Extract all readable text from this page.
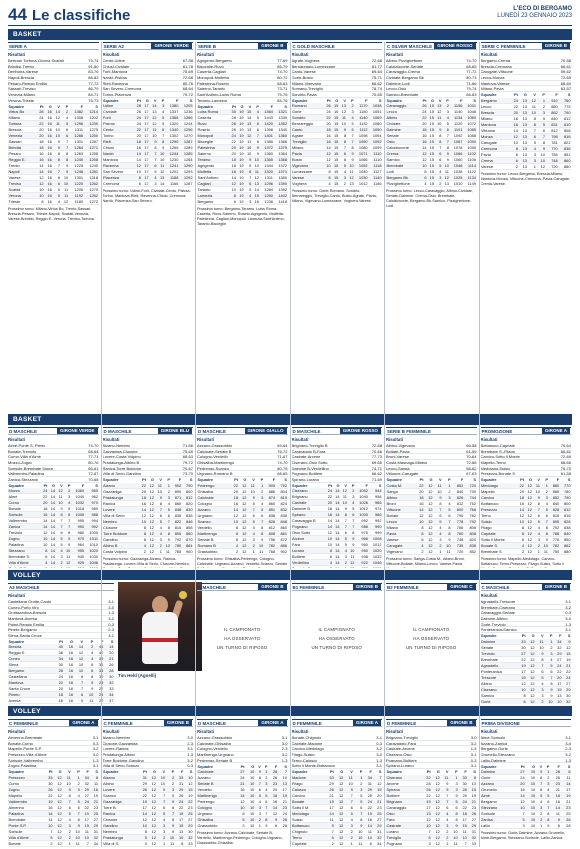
44 Le classifiche	L'ECO DI BERGAMO
LUNEDÌ 23 GENNAIO 2023
BASKET
BASKET
VOLLEY
VOLLEY
Tim Held (Agnelli)
SERIE A
Risultati
Bertram Tortona-Givova Scafati	79-74
Brindisi-Trento	91-80
Derthona-Varese	83-76
Napoli-Brescia	88-83
Pesaro-Reggio Emilia	77-72
Sassari-Treviso	86-79
Venezia-Milano	84-71
Verona-Trieste	76-73
Squadre	Pt	G	V	P	F	S
Virtus Bo	28	16	14	2	1382	1214
Milano	24	16	12	4	1308	1202
Tortona	22	16	11	5	1296	1230
Brescia	20	16	10	6	1311	1275
Venezia	20	16	10	6	1286	1250
Sassari	18	16	9	7	1301	1287
Brindisi	18	16	9	7	1264	1271
Pesaro	16	16	8	8	1263	1255
Reggio E.	16	16	8	8	1240	1258
Trento	14	16	7	9	1225	1240
Napoli	14	16	7	9	1248	1281
Varese	12	16	6	10	1301	1318
Treviso	12	16	6	10	1220	1262
Scafati	10	16	5	11	1205	1270
Verona	10	16	5	11	1192	1262
Trieste	8	16	4	12	1180	1272
Prossimo turno: Milano-Virtus Bo, Trento-Sassari, Brescia-Pesaro, Trieste-Napoli, Scafati-Venezia, Varese-Brindisi, Reggio E.-Verona, Treviso-Tortona.
SERIE A2	GIRONE VERDE
Risultati
Cento-Udine	67-58
Chiusi-Cividale	81-78
Forlì-Mantova	75-69
Nardò-Pistoia	72-68
Rieti-Ravenna	80-76
San Severo-Cremona	68-64
Torino-Piacenza	79-72
Squadre	Pt	G	V	P	F	S
Udine	28	17	14	3	1380	1205
Cividale	26	17	13	4	1337	1236
Forlì	24	17	12	5	1366	1266
Pistoia	24	17	12	5	1320	1244
Cento	22	17	11	6	1340	1296
Torino	20	17	10	7	1302	1270
Rieti	18	17	9	8	1290	1287
Chiusi	16	17	8	9	1265	1289
Nardò	14	17	7	10	1244	1285
Mantova	14	17	7	10	1230	1264
Ravenna	12	17	6	11	1241	1290
San Severo	10	17	5	12	1202	1293
Piacenza	8	17	4	13	1188	1292
Cremona	6	17	3	14	1166	1287
Prossimo turno: Udine-Forlì, Cividale-Cento, Pistoia-Torino, Mantova-Rieti, Ravenna-Chiusi, Cremona-Nardò, Piacenza-San Severo.
SERIE B	GIRONE B
Risultati
Agrigento-Bergamo	77-69
Bisceglie-Ruvo	85-79
Caserta-Cagliari	74-70
Monopoli-Molfetta	80-72
Palestrina-Roseto	68-63
Salerno-Taranto	73-71
Sant'Antimo-Luiss Roma	79-75
Teramo-Lamezia	84-76
Squadre	Pt	G	V	P	F	S
Luiss Roma	30	19	15	4	1464	1321
Caserta	28	19	14	5	1443	1339
Ruvo	26	19	13	6	1420	1352
Roseto	26	19	13	6	1398	1340
Monopoli	24	19	12	7	1401	1360
Bisceglie	22	19	11	8	1385	1366
Palestrina	20	19	10	9	1372	1375
Salerno	20	19	10	9	1360	1364
Teramo	18	19	9	10	1355	1368
Agrigento	18	19	9	10	1344	1372
Molfetta	16	19	8	11	1320	1371
Sant'Antimo	14	19	7	12	1311	1380
Cagliari	12	19	6	13	1296	1390
Taranto	10	19	5	14	1284	1392
Lamezia	8	19	4	15	1260	1402
Bergamo	6	19	3	16	1238	1418
Prossimo turno: Bergamo-Teramo, Luiss Roma-Caserta, Ruvo-Salerno, Roseto-Agrigento, Molfetta-Palestrina, Cagliari-Monopoli, Lamezia-Sant'Antimo, Taranto-Bisceglie.
C GOLD MASCHILE
Risultati
Agrate-Voghera	72-68
Bernareggio-Lumezzane	81-77
Cantù-Varese	69-64
Gorle-Busto	75-71
Milano-Vigevano	66-62
Romano-Treviglio	78-74
Sondrio-Pavia	70-65
Squadre	Pt	G	V	P	F	S
Romano	26	15	13	2	1170	1038
Gorle	24	15	12	3	1150	1051
Sondrio	22	15	11	4	1140	1069
Bernareggio	20	15	10	5	1132	1080
Cantù	18	15	9	6	1112	1090
Agrate	16	15	8	7	1098	1094
Treviglio	16	15	8	7	1090	1092
Milano	14	15	7	8	1080	1099
Pavia	12	15	6	9	1071	1110
Busto	12	15	6	9	1066	1110
Vigevano	10	15	5	10	1052	1118
Lumezzane	8	15	4	11	1040	1127
Varese	6	15	3	12	1030	1140
Voghera	4	15	2	13	1012	1146
Prossimo turno: Gorle-Romano, Sondrio-Bernareggio, Treviglio-Cantù, Busto-Agrate, Pavia-Milano, Vigevano-Lumezzane, Voghera-Varese.
C SILVER MASCHILE	GIRONE ROSSO
Risultati
Albino-Pizzighettone	74-70
Calolziocorte-Seriate	68-65
Caravaggio-Crema	77-72
Cividate-Bergamo Bk	80-73
Dalmine-Lodi	71-66
Lecco-Osio	79-74
Sarnico-Brembate	66-63
Squadre	Pt	G	V	P	F	S
Caravaggio	26	15	13	2	1156	1031
Lecco	24	15	12	3	1140	1048
Albino	22	15	11	4	1134	1060
Cividate	20	15	10	5	1120	1072
Dalmine	18	15	9	6	1101	1085
Seriate	16	15	8	7	1092	1088
Osio	16	15	8	7	1087	1090
Calolziocorte	14	15	7	8	1078	1095
Crema	12	15	6	9	1066	1102
Sarnico	12	15	6	9	1060	1106
Brembate	10	15	5	10	1048	1114
Lodi	8	15	4	11	1038	1122
Bergamo Bk	6	15	3	12	1025	1134
Pizzighettone	4	15	2	13	1010	1149
Prossimo turno: Lecco-Caravaggio, Albino-Cividate, Seriate-Dalmine, Crema-Osio, Brembate-Calolziocorte, Bergamo Bk-Sarnico, Pizzighettone-Lodi.
SERIE C FEMMINILE	GIRONE B
Risultati
Bergamo-Crema	70-58
Brescia-Cremona	66-61
Carugate-Vittuone	59-62
Lecco-Monza	72-65
Mantova-Varese	68-60
Milano-Pavia	63-57
Squadre	Pt	G	V	P	F	S
Bergamo	24	13	12	1	910	760
Lecco	22	13	11	2	880	775
Brescia	20	13	10	3	862	790
Milano	16	13	8	5	840	812
Mantova	16	13	8	5	831	810
Vittuone	14	13	7	6	812	806
Monza	12	13	6	7	798	816
Carugate	10	13	5	8	781	822
Cremona	8	13	4	9	770	836
Pavia	6	13	3	10	755	851
Crema	6	13	3	10	748	860
Varese	2	13	1	12	720	880
Prossimo turno: Lecco-Bergamo, Brescia-Milano, Mantova-Monza, Vittuone-Cremona, Pavia-Carugate, Crema-Varese.
D MASCHILE	GIRONE VERDE
Risultati
Almè-Ponte S. Pietro	74-70
Bonate-Treviolo	68-64
Curno-Villa d'Almè	77-71
Mozzo-Zogno	80-76
Sorisole-Brembate Sopra	66-61
Valbrembo-Paladina	72-67
Zanica-Stezzano	70-68
Squadre	Pt	G	V	P	F	S
Mozzo	24	14	12	2	1060	950
Almè	22	14	11	3	1040	962
Curno	20	14	10	4	1032	970
Bonate	18	14	9	5	1018	980
Sorisole	16	14	8	6	1006	988
Valbrembo	14	14	7	7	995	994
Zanica	14	14	7	7	990	992
Treviolo	12	14	6	8	980	1000
Zogno	10	14	5	9	970	1011
Paladina	10	14	5	9	964	1010
Stezzano	8	14	4	10	955	1020
Brembate S.	6	14	3	11	940	1030
Villa d'Almè	4	14	2	12	925	1046

D MASCHILE	GIRONE BLU
Risultati
Alzano-Nembro	71-66
Gazzaniga-Clusone	75-69
Lovere-Costa Volpino	68-63
Pradalunga-Albino B	79-72
Ranica-Torre Boldone	70-67
Villa di Serio-Gandino	73-70
Squadre	Pt	G	V	P	F	S
Alzano	22	12	11	1	902	790
Gazzaniga	20	12	10	2	890	800
Pradalunga	18	12	9	3	871	812
Ranica	16	12	8	4	860	820
Lovere	14	12	7	5	848	830
Villa di Serio	12	12	6	6	836	838
Nembro	10	12	5	7	822	846
Clusone	8	12	4	8	810	858
Torre Boldone	8	12	4	8	805	860
Gandino	6	12	3	9	792	870
Albino B	4	12	2	10	780	884
Costa Volpino	2	12	1	11	765	900
Prossimo turno: Gazzaniga-Alzano, Ranica-Pradalunga, Lovere-Villa di Serio, Clusone-Nembro,
D MASCHILE	GIRONE GIALLO
Risultati
Azzano-Grassobbio	69-64
Calcinate-Seriate B	76-72
Cologno-Verdello	71-67
Ghisalba-Martinengo	74-70
Pedrengo-Scanzo	80-75
Urgnano-Romano B	68-65
Squadre	Pt	G	V	P	F	S
Pedrengo	22	12	11	1	905	792
Ghisalba	20	12	10	2	886	804
Calcinate	18	12	9	3	874	815
Cologno	16	12	8	4	860	824
Azzano	14	12	7	5	851	832
Urgnano	12	12	6	6	838	838
Scanzo	10	12	5	7	826	848
Verdello	8	12	4	8	812	860
Martinengo	8	12	4	8	808	861
Seriate B	6	12	3	9	796	872
Romano B	4	12	2	10	782	886
Grassobbio	2	12	1	11	768	902
Prossimo turno: Ghisalba-Pedrengo, Cologno-Calcinate, Urgnano-Azzano, Verdello-Scanzo, Seriate
D MASCHILE	GIRONE ROSSO
Risultati
Brignano-Treviglio B	72-68
Caravaggio B-Fara	70-66
Casirate-Arcene	77-73
Ciserano-Osio Sotto	69-65
Dalmine B-Verdellino	74-71
Pognano-Boltiere	66-62
Spirano-Lurano	71-69
Squadre	Pt	G	V	P	F	S
Ciserano	24	14	12	2	1052	944
Brignano	22	14	11	3	1040	958
Casirate	20	14	10	4	1026	966
Dalmine B	18	14	9	5	1012	974
Spirano	16	14	8	6	1000	986
Caravaggio B	14	14	7	7	992	992
Pognano	14	14	7	7	986	990
Osio Sotto	12	14	6	8	975	999
Arcene	10	14	5	9	966	1008
Fara	10	14	5	9	960	1012
Lurano	8	14	4	10	950	1020
Boltiere	6	14	3	11	938	1032
Verdellino	4	14	2	12	922	1046

SERIE B FEMMINILE
Risultati
Albino-Vigevano	66-58
Bollate-Pavia	61-59
Broni-Varese	70-64
Costa Masnaga-Milano	72-68
Lecco-Sanga	58-62
Vittuone-Carugate	67-63
Squadre	Pt	G	V	P	F	S
Costa M.	22	12	11	1	852	720
Sanga	20	12	10	2	840	730
Albino	18	12	9	3	826	744
Broni	16	12	8	4	812	752
Vittuone	14	12	7	5	800	766
Bollate	12	12	6	6	790	782
Lecco	10	12	5	7	778	792
Milano	8	12	4	8	766	806
Pavia	8	12	4	8	760	808
Varese	6	12	3	9	748	820
Carugate	4	12	2	10	735	836
Vigevano	2	12	1	11	720	852
Prossimo turno: Sanga-Costa M., Albino-Broni, Vittuone-Bollate, Milano-Lecco, Varese-Pavia,
PROMOZIONE	GIRONE A
Risultati
Bottanuco-Capriate	70-64
Brembate S.-Filago	66-61
Carvico-Sotto il Monte	72-69
Mapello-Terno	68-66
Medolago-Suisio	75-70
Presezzo-Bonate S.	61-58
Squadre	Pt	G	V	P	F	S
Medolago	22	12	11	1	880	770
Mapello	20	12	10	2	866	780
Carvico	18	12	9	3	852	790
Bottanuco	16	12	8	4	840	800
Presezzo	14	12	7	5	828	812
Terno	12	12	6	6	816	816
Suisio	10	12	5	7	805	826
Filago	8	12	4	8	792	838
Capriate	8	12	4	8	788	840
Sotto il Monte	6	12	3	9	776	850
Bonate S.	4	12	2	10	762	862
Brembate S.	2	12	1	11	750	880
Prossimo turno: Mapello-Medolago, Carvico-Bottanuco, Terno-Presezzo, Filago-Suisio, Sotto il
A2 MASCHILE
Risultati
Castellana Grotte-Cantù	3-1
Cuneo-Porto Viro	3-0
Grottazzolina-Brescia	1-3
Mantova-Aversa	3-2
Palmi-Reggio Emilia	0-3
Pineto-Bergamo	2-3
Siena-Santa Croce	3-1
Squadre	Pt	G	V	P	F	S
Brescia	40	16	14	2	44	14
Reggio E.	36	16	12	4	40	20
Cuneo	34	16	12	4	39	21
Siena	30	16	10	6	36	26
Bergamo	28	16	10	6	34	28
Castellana	24	16	8	8	30	30
Mantova	22	16	7	9	28	32
Santa Croce	20	16	7	9	27	33
Pineto	18	16	6	10	25	34
Aversa	16	16	5	11	22	37

B MASCHILE	GIRONE B
IL CAMPIONATO
HA OSSERVATO
UN TURNO DI RIPOSO
B1 FEMMINILE	GIRONE B
IL CAMPIONATO
HA OSSERVATO
UN TURNO DI RIPOSO
B2 FEMMINILE	GIRONE C
IL CAMPIONATO
HA OSSERVATO
UN TURNO DI RIPOSO
C MASCHILE	GIRONE B
Risultati
Agnadello-Trescore	3-1
Brembate-Ciserano	3-2
Caravaggio-Seriate	0-3
Dalmine-Albino	3-0
Gorle-Treviolo	1-3
Ponteranica-Sarnico	3-1
Squadre	Pt	G	V	P	F	S
Dalmine	33	12	11	1	34	9
Seriate	30	12	10	2	32	12
Treviolo	27	12	9	3	29	15
Brembate	22	12	8	4	27	19
Agnadello	19	12	7	5	24	21
Ponteranica	17	12	6	6	22	22
Trescore	15	12	5	7	20	24
Albino	12	12	4	8	17	27
Ciserano	10	12	3	9	15	29
Sarnico	8	12	3	9	13	30
Gorle	6	12	2	10	10	32

C FEMMINILE	GIRONE A
Risultati
Almenno-Brembate	3-1
Bonate-Curno	0-3
Mapello-Ponte S.P.	3-2
Presezzo-Villa d'Almè	3-0
Sorisole-Valbrembo	1-3
Zogno-Paladina	3-1
Squadre	Pt	G	V	P	F	S
Presezzo	33	12	11	1	34	8
Curno	30	12	10	2	32	11
Zogno	26	12	9	3	29	16
Mapello	22	12	8	4	27	19
Valbrembo	19	12	7	5	24	21
Almenno	16	12	6	6	22	23
Paladina	14	12	5	7	19	25
Brembate	11	12	4	8	17	27
Ponte S.P.	10	12	3	9	15	29
Sorisole	7	12	2	10	11	31
Villa d'Almè	5	12	2	10	10	32
Bonate	2	12	1	11	7	34
C FEMMINILE	GIRONE B
Risultati
Alzano-Nembro	3-0
Clusone-Gazzaniga	2-3
Lovere-Ranica	3-1
Pradalunga-Albino	1-3
Torre Boldone-Gandino	3-2
Villa di Serio-Scanzo	0-3
Squadre	Pt	G	V	P	F	S
Alzano	31	12	10	2	33	10
Albino	29	12	10	2	31	12
Lovere	26	12	9	3	29	15
Scanzo	22	12	7	5	26	19
Gazzaniga	19	12	7	5	24	22
Torre B.	17	12	6	6	22	23
Ranica	14	12	5	7	19	25
Clusone	12	12	4	8	17	27
Gandino	10	12	3	9	15	29
Nembro	8	12	3	9	13	30
Pradalunga	5	12	2	10	10	32
Villa di S.	3	12	1	11	8	33
D MASCHILE	GIRONE A
Risultati
Azzano-Grassobbio	3-1
Calcinate-Ghisalba	3-0
Cologno-Verdello	2-3
Martinengo-Urgnano	3-2
Pedrengo-Seriate B	1-3
Squadre	Pt	G	V	P	F	S
Calcinate	27	10	9	1	28	7
Azzano	24	10	8	2	26	10
Seriate B	21	10	7	3	23	13
Verdello	16	10	6	4	20	17
Martinengo	14	10	5	5	18	19
Pedrengo	12	10	4	6	16	21
Cologno	10	10	3	7	14	23
Urgnano	8	10	3	7	12	24
Ghisalba	5	10	2	8	9	26
Grassobbio	3	10	1	9	6	28
Prossimo turno: Azzano-Calcinate, Seriate B-Verdello, Martinengo-Pedrengo, Cologno-Urgnano, Grassobbio-Ghisalba.
D FEMMINILE	GIRONE A
Risultati
Bonate-Chignolo	3-1
Capriate-Madone	0-3
Carvico-Medolago	3-2
Filago-Suisio	3-0
Terno-Calusco	1-3
Sotto il Monte-Bottanuco	3-1
Squadre	Pt	G	V	P	F	S
Madone	33	12	11	1	34	7
Filago	29	12	10	2	31	12
Calusco	26	12	9	3	29	15
Carvico	21	12	7	5	25	20
Bonate	19	12	7	5	24	21
Sotto il M.	17	12	6	6	22	23
Medolago	14	12	5	7	19	25
Suisio	11	12	4	8	16	27
Bottanuco	9	12	3	9	14	29
Chignolo	7	12	2	10	11	31
Terno	5	12	2	10	10	32
Capriate	2	12	1	11	6	34
D FEMMINILE	GIRONE B
Risultati
Brignano-Treviglio	3-0
Caravaggio-Fara	3-2
Casirate-Arcene	1-3
Ciserano-Osio	3-1
Pognano-Boltiere	0-3
Spirano-Lurano	3-1
Squadre	Pt	G	V	P	F	S
Ciserano	32	12	11	1	33	8
Arcene	28	12	9	3	30	13
Spirano	26	12	9	3	28	15
Boltiere	22	12	7	5	25	19
Brignano	19	12	7	5	24	21
Caravaggio	17	12	6	6	22	23
Osio	13	12	4	8	18	26
Fara	12	12	4	8	17	27
Casirate	10	12	3	9	15	29
Lurano	7	12	2	10	11	31
Treviglio	5	12	2	10	10	32
Pognano	3	12	1	11	7	33
PRIMA DIVISIONE
Risultati
Almè-Sorisole	3-1
Azzano-Zanica	3-0
Bergamo-Gorle	2-3
Grumello-Stezzano	3-2
Lallio-Dalmine	1-3
Squadre	Pt	G	V	P	F	S
Dalmine	27	10	9	1	28	8
Gorle	24	10	8	2	26	11
Azzano	20	10	7	3	23	14
Grumello	16	10	6	4	21	17
Almè	14	10	5	5	18	19
Bergamo	12	10	4	6	16	21
Stezzano	10	10	3	7	14	23
Sorisole	7	10	2	8	11	25
Zanica	5	10	2	8	9	26
Lallio	3	10	1	9	6	28
Prossimo turno: Gorle-Dalmine, Azzano-Grumello, Almè-Bergamo, Stezzano-Sorisole, Lallio-Zanica.
